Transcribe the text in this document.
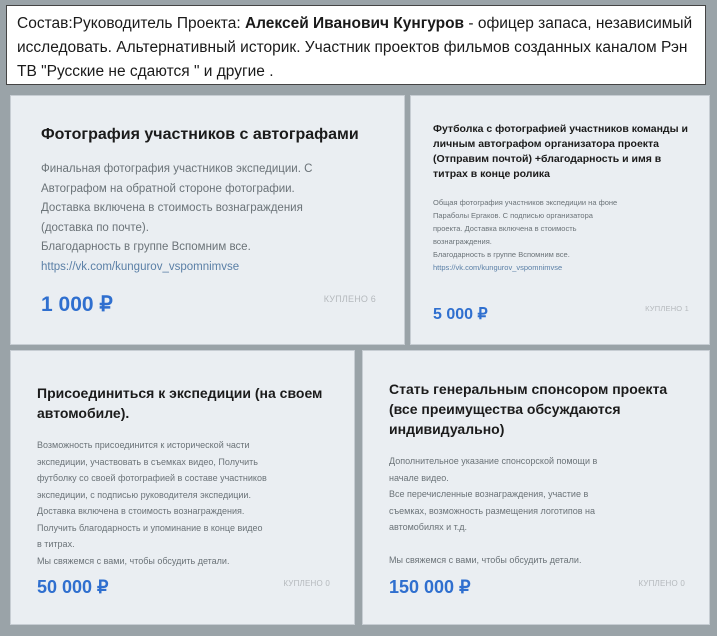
Состав:Руководитель Проекта: Алексей Иванович Кунгуров - офицер запаса, независимый исследовать. Альтернативный историк. Участник проектов фильмов созданных каналом Рэн ТВ "Русские не сдаются " и другие .
Фотография участников с автографами
Финальная фотография участников экспедиции. С
Автографом на обратной стороне фотографии.
Доставка включена в стоимость вознаграждения
(доставка по почте).
Благодарность в группе Вспомним все.
https://vk.com/kungurov_vspomnimvse
1 000 ₽	КУПЛЕНО 6
Футболка с фотографией участников команды и личным автографом организатора проекта (Отправим почтой) +благодарность и имя в титрах в конце ролика
Общая фотография участников экспедиции на фоне
Параболы Ергаков. С подписью организатора
проекта. Доставка включена в стоимость
вознаграждения.
Благодарность в группе Вспомним все.
https://vk.com/kungurov_vspomnimvse
5 000 ₽	КУПЛЕНО 1
Присоединиться к экспедиции (на своем автомобиле).
Возможность присоединится к исторической части
экспедиции, участвовать в съемках видео, Получить
футболку со своей фотографией в составе участников
экспедиции, с подписью руководителя экспедиции.
Доставка включена в стоимость вознаграждения.
Получить благодарность и упоминание в конце видео
в титрах.
Мы свяжемся с вами, чтобы обсудить детали.
50 000 ₽	КУПЛЕНО 0
Стать генеральным спонсором проекта (все преимущества обсуждаются индивидуально)
Дополнительное указание спонсорской помощи в
начале видео.
Все перечисленные вознаграждения, участие в
съемках, возможность размещения логотипов на
автомобилях и т.д.
Мы свяжемся с вами, чтобы обсудить детали.
150 000 ₽	КУПЛЕНО 0
